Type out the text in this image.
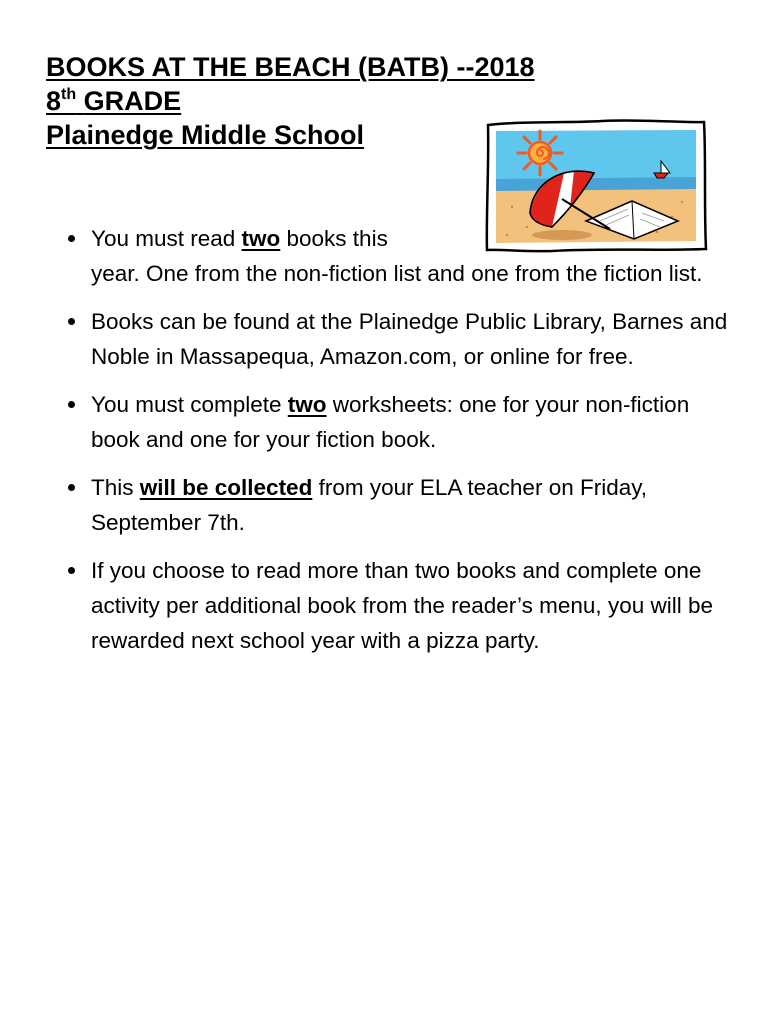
BOOKS AT THE BEACH (BATB) --2018
8th GRADE
Plainedge Middle School
You must read two books this
year. One from the non-fiction list and one from the fiction list.
Books can be found at the Plainedge Public Library, Barnes and Noble in Massapequa, Amazon.com, or online for free.
You must complete two worksheets: one for your non-fiction book and one for your fiction book.
This will be collected from your ELA teacher on Friday, September 7th.
If you choose to read more than two books and complete one activity per additional book from the reader’s menu, you will be rewarded next school year with a pizza party.
